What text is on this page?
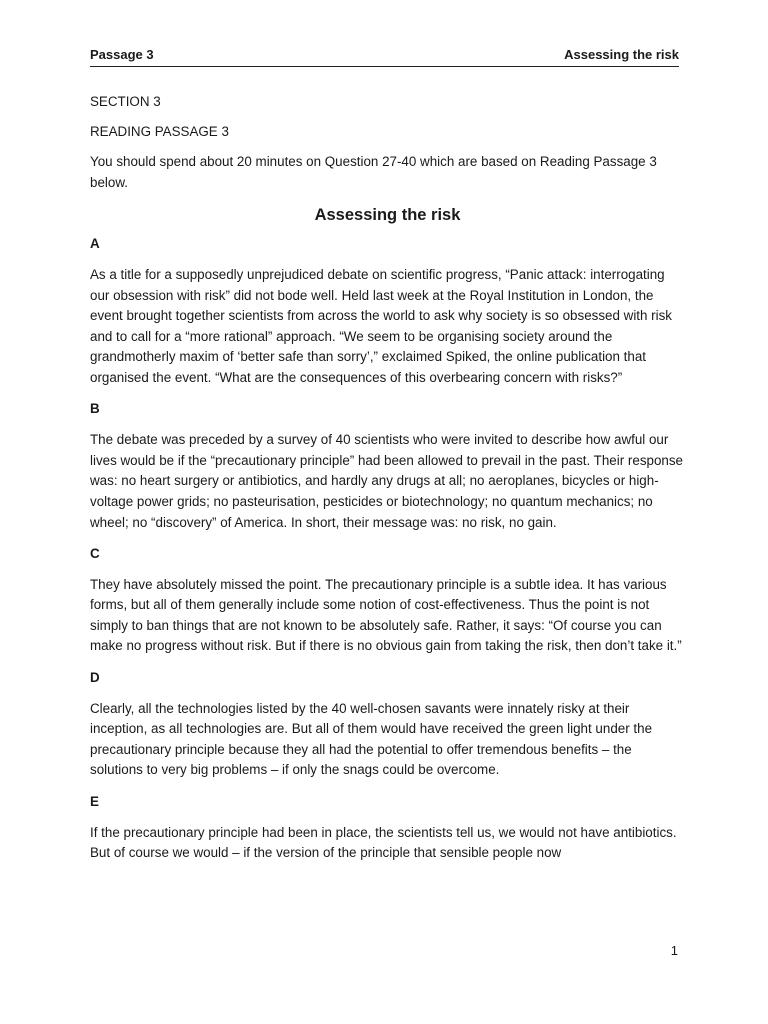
Passage 3	Assessing the risk

SECTION 3

READING PASSAGE 3

You should spend about 20 minutes on Question 27-40 which are based on Reading Passage 3 below.

Assessing the risk

A

As a title for a supposedly unprejudiced debate on scientific progress, “Panic attack: interrogating our obsession with risk” did not bode well. Held last week at the Royal Institution in London, the event brought together scientists from across the world to ask why society is so obsessed with risk and to call for a “more rational” approach. “We seem to be organising society around the grandmotherly maxim of ‘better safe than sorry’,” exclaimed Spiked, the online publication that organised the event. “What are the consequences of this overbearing concern with risks?”

B

The debate was preceded by a survey of 40 scientists who were invited to describe how awful our lives would be if the “precautionary principle” had been allowed to prevail in the past. Their response was: no heart surgery or antibiotics, and hardly any drugs at all; no aeroplanes, bicycles or high-voltage power grids; no pasteurisation, pesticides or biotechnology; no quantum mechanics; no wheel; no “discovery” of America. In short, their message was: no risk, no gain.

C

They have absolutely missed the point. The precautionary principle is a subtle idea. It has various forms, but all of them generally include some notion of cost-effectiveness. Thus the point is not simply to ban things that are not known to be absolutely safe. Rather, it says: “Of course you can make no progress without risk. But if there is no obvious gain from taking the risk, then don’t take it.”

D

Clearly, all the technologies listed by the 40 well-chosen savants were innately risky at their inception, as all technologies are. But all of them would have received the green light under the precautionary principle because they all had the potential to offer tremendous benefits – the solutions to very big problems – if only the snags could be overcome.

E

If the precautionary principle had been in place, the scientists tell us, we would not have antibiotics. But of course we would – if the version of the principle that sensible people now

1
